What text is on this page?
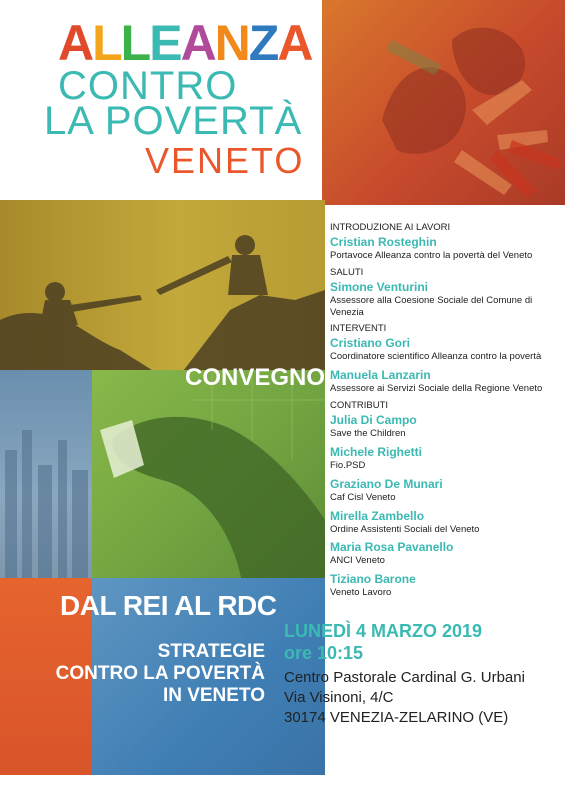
ALLEANZA
CONTRO
LA POVERTÀ
VENETO
CONVEGNO
DAL REI AL RDC
STRATEGIE
CONTRO LA POVERTÀ
IN VENETO
INTRODUZIONE AI LAVORI
Cristian Rosteghin
Portavoce Alleanza contro la povertà del Veneto
SALUTI
Simone Venturini
Assessore alla Coesione Sociale del Comune di Venezia
INTERVENTI
Cristiano Gori
Coordinatore scientifico Alleanza contro la povertà
Manuela Lanzarin
Assessore ai Servizi Sociale della Regione Veneto
CONTRIBUTI
Julia Di Campo
Save the Children
Michele Righetti
Fio.PSD
Graziano De Munari
Caf Cisl Veneto
Mirella Zambello
Ordine Assistenti Sociali del Veneto
Maria Rosa Pavanello
ANCI Veneto
Tiziano Barone
Veneto Lavoro
LUNEDÌ 4 MARZO 2019
ore 10:15
Centro Pastorale Cardinal G. Urbani
Via Visinoni, 4/C
30174 VENEZIA-ZELARINO (VE)
